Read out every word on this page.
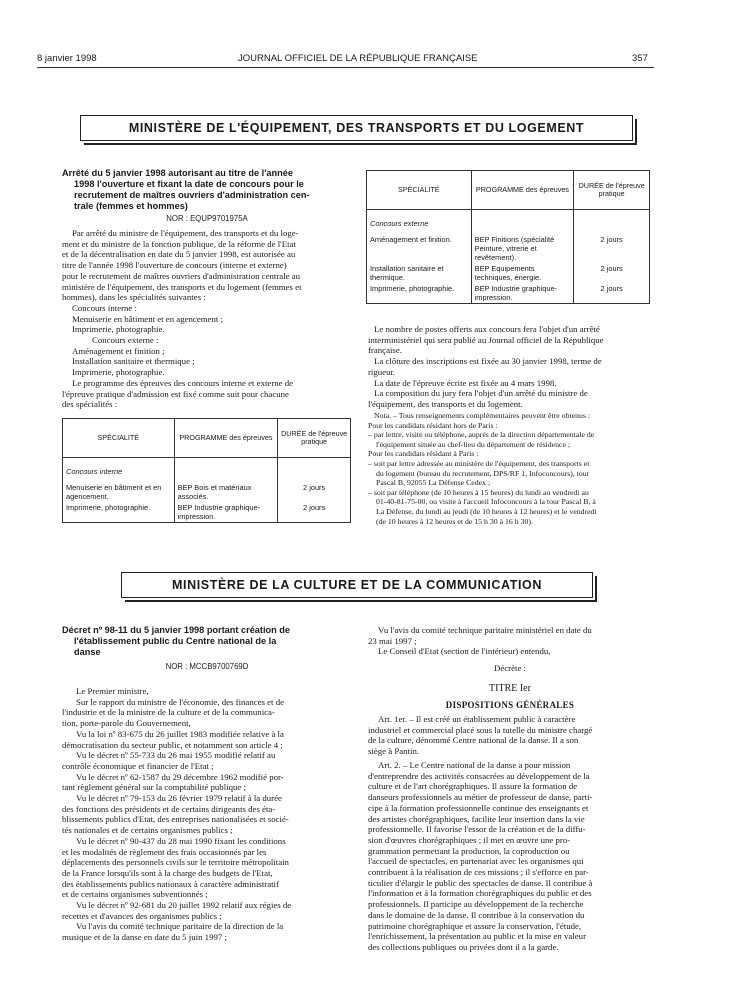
8 janvier 1998	JOURNAL OFFICIEL DE LA RÉPUBLIQUE FRANÇAISE	357
MINISTÈRE DE L'ÉQUIPEMENT, DES TRANSPORTS ET DU LOGEMENT
Arrêté du 5 janvier 1998 autorisant au titre de l'année
1998 l'ouverture et fixant la date de concours pour le
recrutement de maîtres ouvriers d'administration cen-
trale (femmes et hommes)
NOR : EQUP9701975A
Par arrêté du ministre de l'équipement, des transports et du loge-
ment et du ministre de la fonction publique, de la réforme de l'Etat
et de la décentralisation en date du 5 janvier 1998, est autorisée au
titre de l'année 1998 l'ouverture de concours (interne et externe)
pour le recrutement de maîtres ouvriers d'administration centrale au
ministère de l'équipement, des transports et du logement (femmes et
hommes), dans les spécialités suivantes :
Concours interne :
Menuiserie en bâtiment et en agencement ;
Imprimerie, photographie.
Concours externe :
Aménagement et finition ;
Installation sanitaire et thermique ;
Imprimerie, photographie.
Le programme des épreuves des concours interne et externe de
l'épreuve pratique d'admission est fixé comme suit pour chacune
des spécialités :
SPÉCIALITÉ	PROGRAMME des épreuves	DURÉE de l'épreuve pratique

Concours interne		

Menuiserie en bâtiment et en agencement.	BEP Bois et matériaux associés.	2 jours
Imprimerie, photographie.	BEP Industrie graphique-impression.	2 jours
SPÉCIALITÉ	PROGRAMME des épreuves	DURÉE de l'épreuve pratique

Concours externe		

Aménagement et finition.	BEP Finitions (spécialité Peinture, vitrerie et revêtement).	2 jours
Installation sanitaire et thermique.	BEP Equipements techniques, énergie.	2 jours
Imprimerie, photographie.	BEP Industrie graphique-impression.	2 jours
Le nombre de postes offerts aux concours fera l'objet d'un arrêté
interministériel qui sera publié au Journal officiel de la République
française.
La clôture des inscriptions est fixée au 30 janvier 1998, terme de
rigueur.
La date de l'épreuve écrite est fixée au 4 mars 1998.
La composition du jury fera l'objet d'un arrêté du ministre de
l'équipement, des transports et du logement.
Nota. – Tous renseignements complémentaires peuvent être obtenus :
Pour les candidats résidant hors de Paris :
– par lettre, visite ou téléphone, auprès de la direction départementale de
l'équipement située au chef-lieu du département de résidence ;
Pour les candidats résidant à Paris :
– soit par lettre adressée au ministère de l'équipement, des transports et
du logement (bureau du recrutement, DPS/RF 1, Infoconcours), tour
Pascal B, 92055 La Défense Cedex ;
– soit par téléphone (de 10 heures à 15 heures) du lundi au vendredi au
01-40-81-75-00, ou visite à l'accueil Infoconcours à la tour Pascal B, à
La Défense, du lundi au jeudi (de 10 heures à 12 heures) et le vendredi
(de 10 heures à 12 heures et de 15 h 30 à 16 h 30).
MINISTÈRE DE LA CULTURE ET DE LA COMMUNICATION
Décret nº 98-11 du 5 janvier 1998 portant création de
l'établissement public du Centre national de la
danse
NOR : MCCB9700769D
Le Premier ministre,
Sur le rapport du ministre de l'économie, des finances et de
l'industrie et de la ministre de la culture et de la communica-
tion, porte-parole du Gouvernement,
Vu la loi nº 83-675 du 26 juillet 1983 modifiée relative à la
démocratisation du secteur public, et notamment son article 4 ;
Vu le décret nº 55-733 du 26 mai 1955 modifié relatif au
contrôle économique et financier de l'Etat ;
Vu le décret nº 62-1587 du 29 décembre 1962 modifié por-
tant règlement général sur la comptabilité publique ;
Vu le décret nº 79-153 du 26 février 1979 relatif à la durée
des fonctions des présidents et de certains dirigeants des éta-
blissements publics d'Etat, des entreprises nationalisées et socié-
tés nationales et de certains organismes publics ;
Vu le décret nº 90-437 du 28 mai 1990 fixant les conditions
et les modalités de règlement des frais occasionnés par les
déplacements des personnels civils sur le territoire métropolitain
de la France lorsqu'ils sont à la charge des budgets de l'Etat,
des établissements publics nationaux à caractère administratif
et de certains organismes subventionnés ;
Vu le décret nº 92-681 du 20 juillet 1992 relatif aux régies de
recettes et d'avances des organismes publics ;
Vu l'avis du comité technique paritaire de la direction de la
musique et de la danse en date du 5 juin 1997 ;
Vu l'avis du comité technique paritaire ministériel en date du
23 mai 1997 ;
Le Conseil d'Etat (section de l'intérieur) entendu,
Décrète :
TITRE Ier
DISPOSITIONS GÉNÉRALES
Art. 1er. – Il est créé un établissement public à caractère
industriel et commercial placé sous la tutelle du ministre chargé
de la culture, dénommé Centre national de la danse. Il a son
siège à Pantin.
Art. 2. – Le Centre national de la danse a pour mission
d'entreprendre des activités consacrées au développement de la
culture et de l'art chorégraphiques. Il assure la formation de
danseurs professionnels au métier de professeur de danse, parti-
cipe à la formation professionnelle continue des enseignants et
des artistes chorégraphiques, facilite leur insertion dans la vie
professionnelle. Il favorise l'essor de la création et de la diffu-
sion d'œuvres chorégraphiques ; il met en œuvre une pro-
grammation permettant la production, la coproduction ou
l'accueil de spectacles, en partenariat avec les organismes qui
contribuent à la réalisation de ces missions ; il s'efforce en par-
ticulier d'élargir le public des spectacles de danse. Il contribue à
l'information et à la formation chorégraphiques du public et des
professionnels. Il participe au développement de la recherche
dans le domaine de la danse. Il contribue à la conservation du
patrimoine chorégraphique et assure la conservation, l'étude,
l'enrichissement, la présentation au public et la mise en valeur
des collections publiques ou privées dont il a la garde.
